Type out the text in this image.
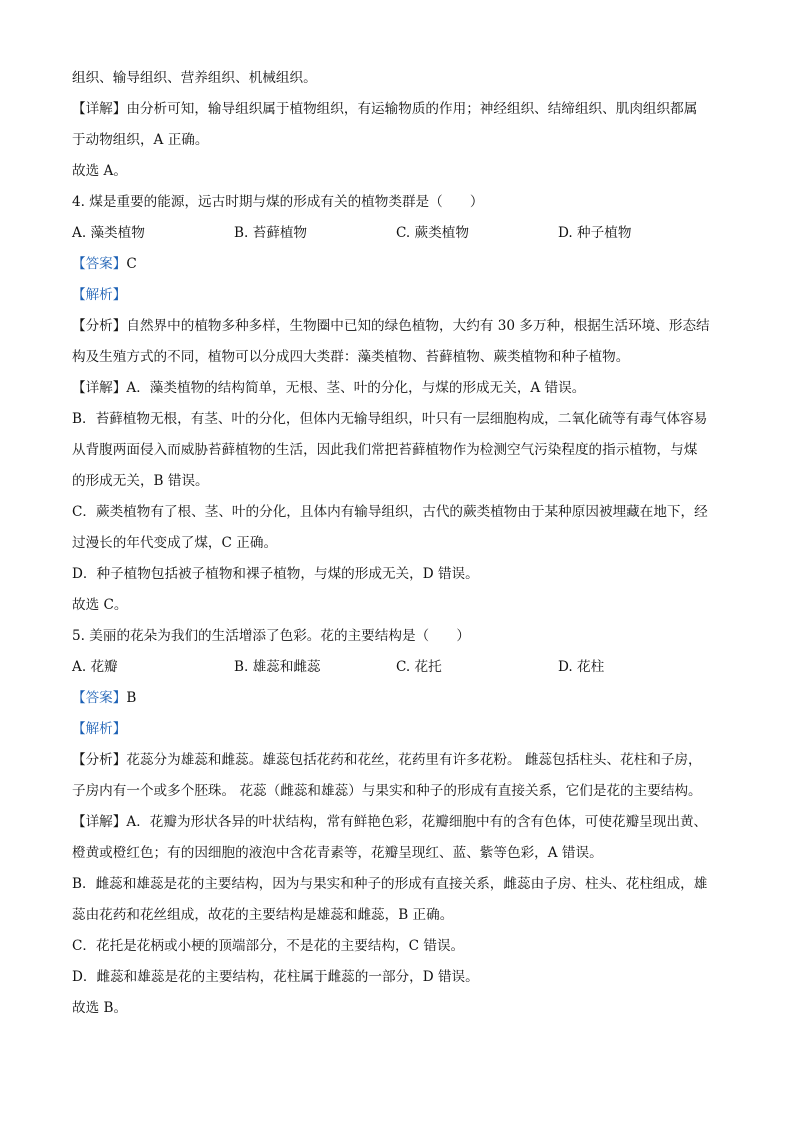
组织、输导组织、营养组织、机械组织。
【详解】由分析可知，输导组织属于植物组织，有运输物质的作用；神经组织、结缔组织、肌肉组织都属
于动物组织，A 正确。
故选 A。
4. 煤是重要的能源，远古时期与煤的形成有关的植物类群是（　　）
A. 藻类植物	B. 苔藓植物	C. 蕨类植物	D. 种子植物
【答案】C
【解析】
【分析】自然界中的植物多种多样，生物圈中已知的绿色植物，大约有 30 多万种，根据生活环境、形态结
构及生殖方式的不同，植物可以分成四大类群：藻类植物、苔藓植物、蕨类植物和种子植物。
【详解】A．藻类植物的结构简单，无根、茎、叶的分化，与煤的形成无关，A 错误。
B．苔藓植物无根，有茎、叶的分化，但体内无输导组织，叶只有一层细胞构成，二氧化硫等有毒气体容易
从背腹两面侵入而威胁苔藓植物的生活，因此我们常把苔藓植物作为检测空气污染程度的指示植物，与煤
的形成无关，B 错误。
C．蕨类植物有了根、茎、叶的分化，且体内有输导组织，古代的蕨类植物由于某种原因被埋藏在地下，经
过漫长的年代变成了煤，C 正确。
D．种子植物包括被子植物和裸子植物，与煤的形成无关，D 错误。
故选 C。
5. 美丽的花朵为我们的生活增添了色彩。花的主要结构是（　　）
A. 花瓣	B. 雄蕊和雌蕊	C. 花托	D. 花柱
【答案】B
【解析】
【分析】花蕊分为雄蕊和雌蕊。雄蕊包括花药和花丝，花药里有许多花粉。 雌蕊包括柱头、花柱和子房，
子房内有一个或多个胚珠。 花蕊（雌蕊和雄蕊）与果实和种子的形成有直接关系，它们是花的主要结构。
【详解】A．花瓣为形状各异的叶状结构，常有鲜艳色彩，花瓣细胞中有的含有色体，可使花瓣呈现出黄、
橙黄或橙红色；有的因细胞的液泡中含花青素等，花瓣呈现红、蓝、紫等色彩，A 错误。
B．雌蕊和雄蕊是花的主要结构，因为与果实和种子的形成有直接关系，雌蕊由子房、柱头、花柱组成，雄
蕊由花药和花丝组成，故花的主要结构是雄蕊和雌蕊，B 正确。
C．花托是花柄或小梗的顶端部分，不是花的主要结构，C 错误。
D．雌蕊和雄蕊是花的主要结构，花柱属于雌蕊的一部分，D 错误。
故选 B。
